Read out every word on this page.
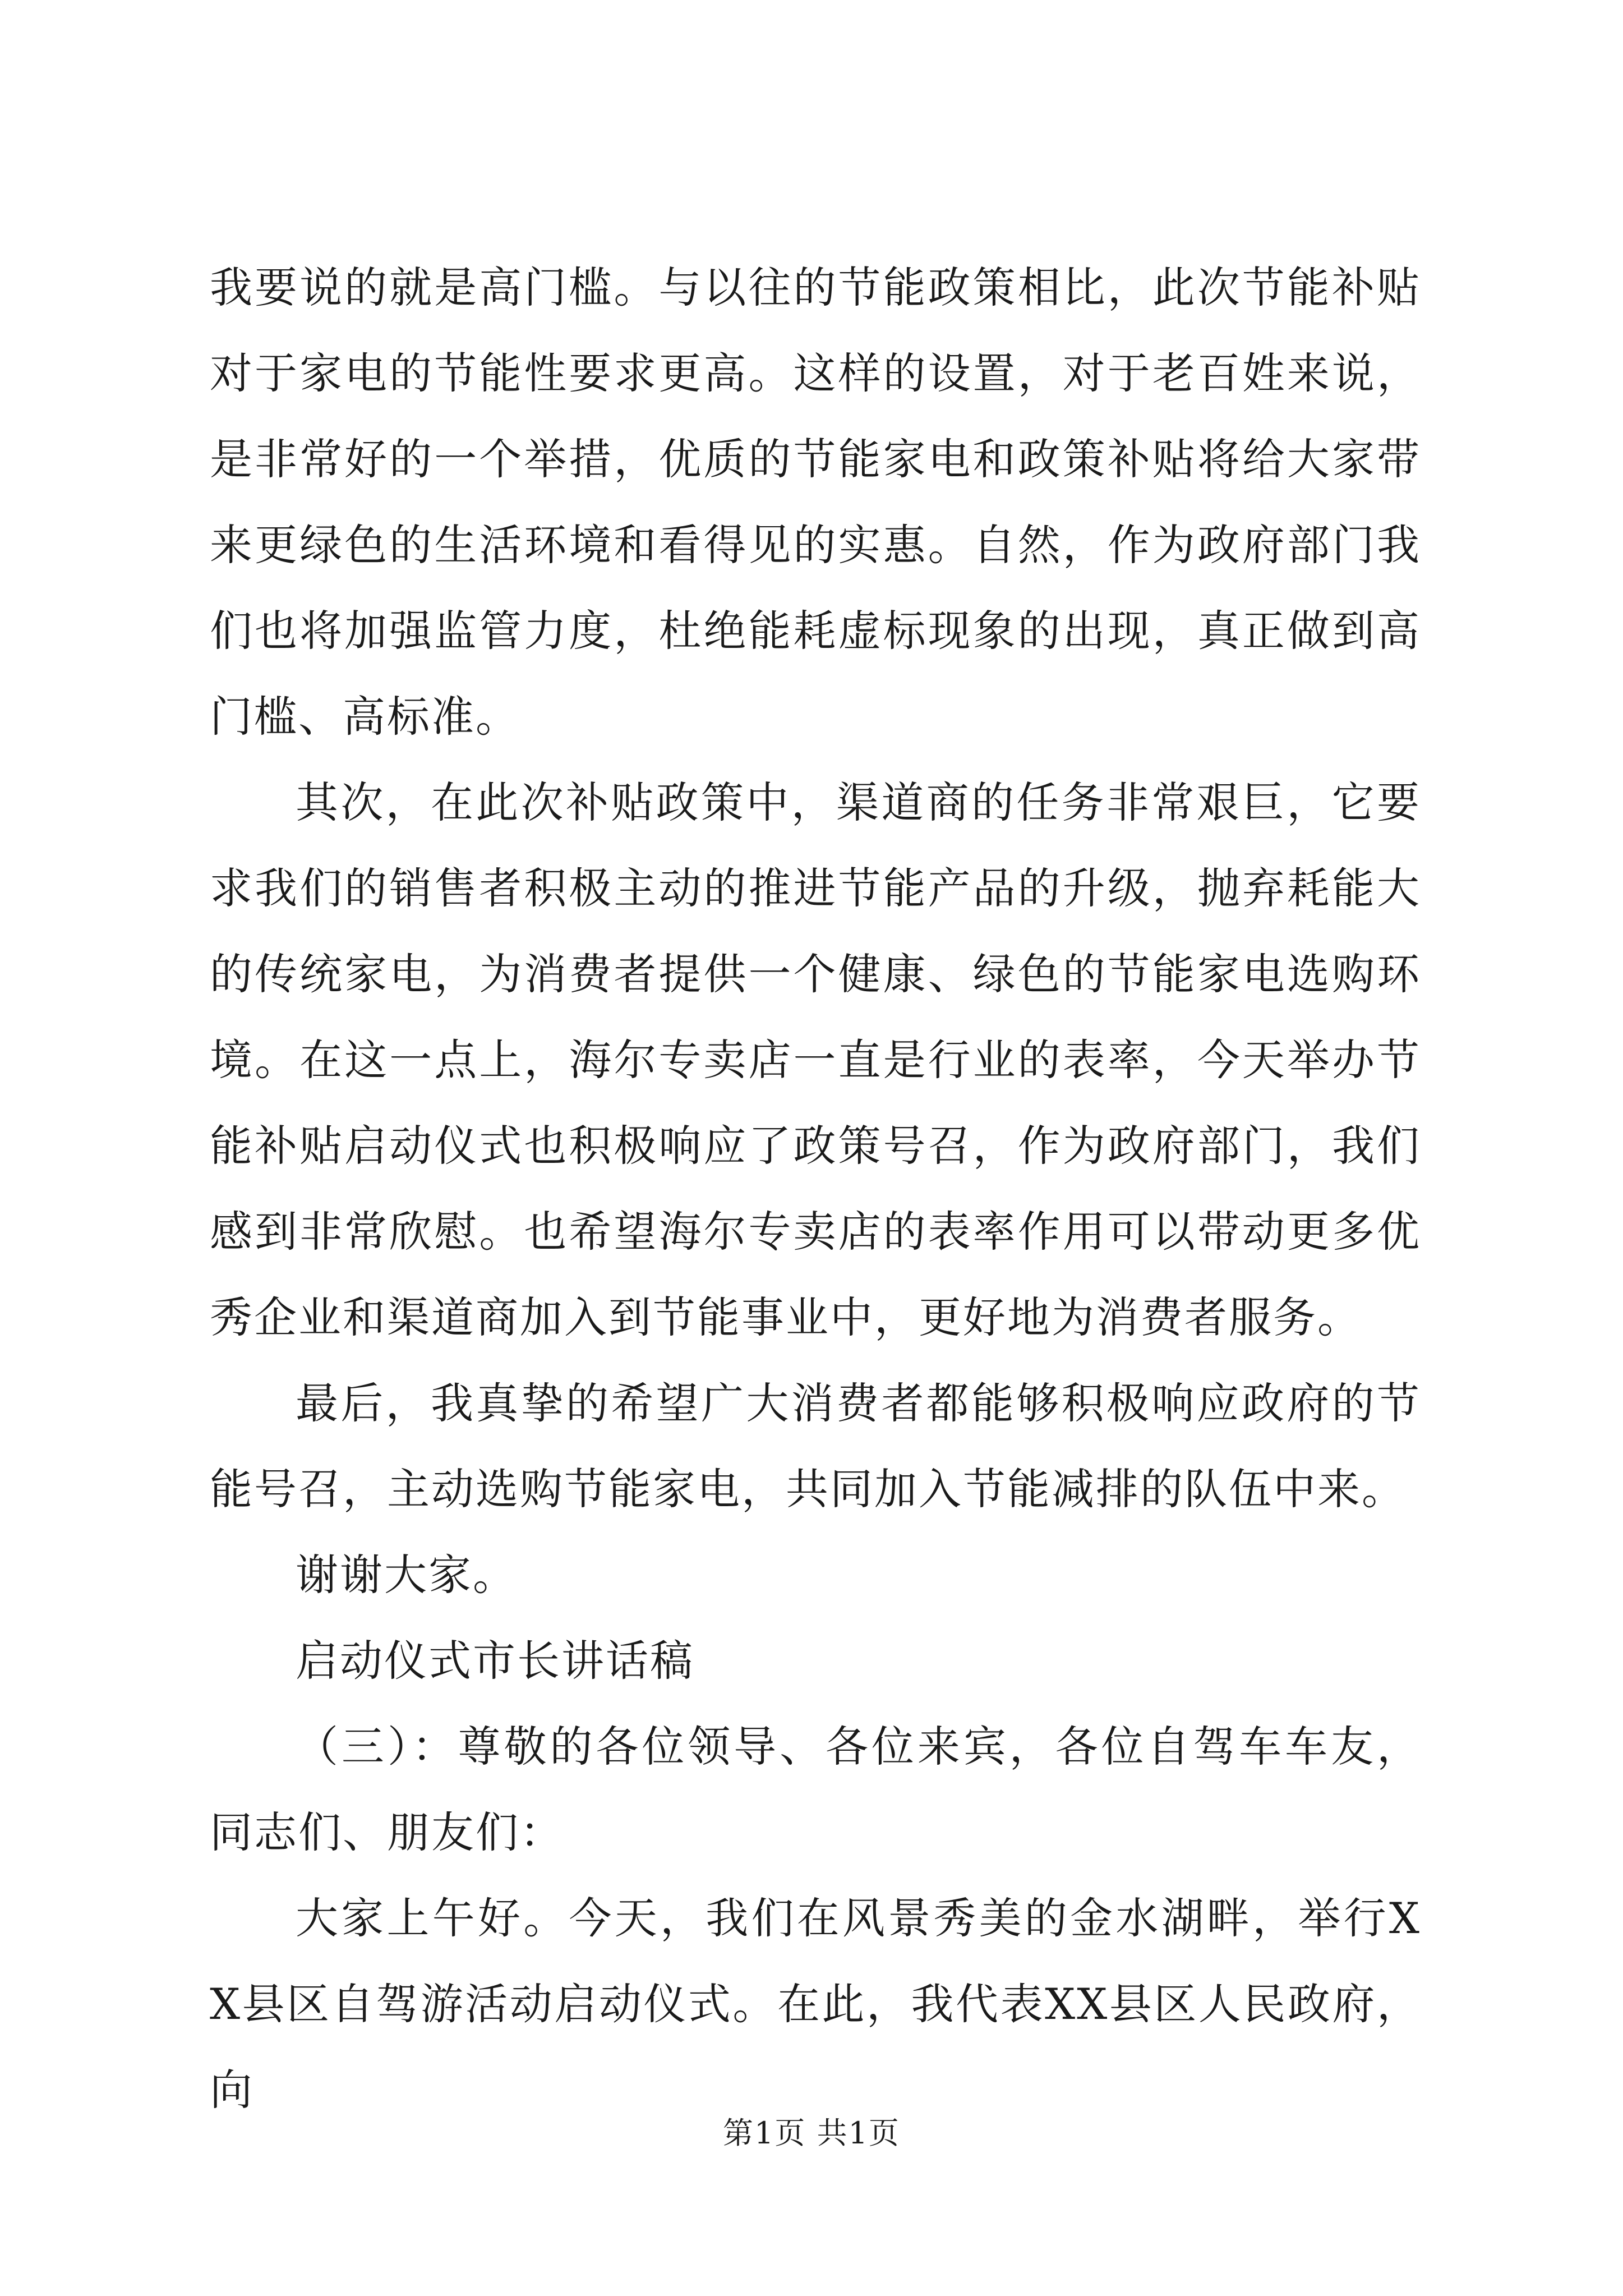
我要说的就是高门槛。与以往的节能政策相比，此次节能补贴对于家电的节能性要求更高。这样的设置，对于老百姓来说，是非常好的一个举措，优质的节能家电和政策补贴将给大家带来更绿色的生活环境和看得见的实惠。自然，作为政府部门我们也将加强监管力度，杜绝能耗虚标现象的出现，真正做到高门槛、高标准。

其次，在此次补贴政策中，渠道商的任务非常艰巨，它要求我们的销售者积极主动的推进节能产品的升级，抛弃耗能大的传统家电，为消费者提供一个健康、绿色的节能家电选购环境。在这一点上，海尔专卖店一直是行业的表率，今天举办节能补贴启动仪式也积极响应了政策号召，作为政府部门，我们感到非常欣慰。也希望海尔专卖店的表率作用可以带动更多优秀企业和渠道商加入到节能事业中，更好地为消费者服务。

最后，我真挚的希望广大消费者都能够积极响应政府的节能号召，主动选购节能家电，共同加入节能减排的队伍中来。

谢谢大家。

启动仪式市长讲话稿

（三）：尊敬的各位领导、各位来宾，各位自驾车车友，同志们、朋友们：

大家上午好。今天，我们在风景秀美的金水湖畔，举行XX县区自驾游活动启动仪式。在此，我代表XX县区人民政府，向

第1页 共1页
